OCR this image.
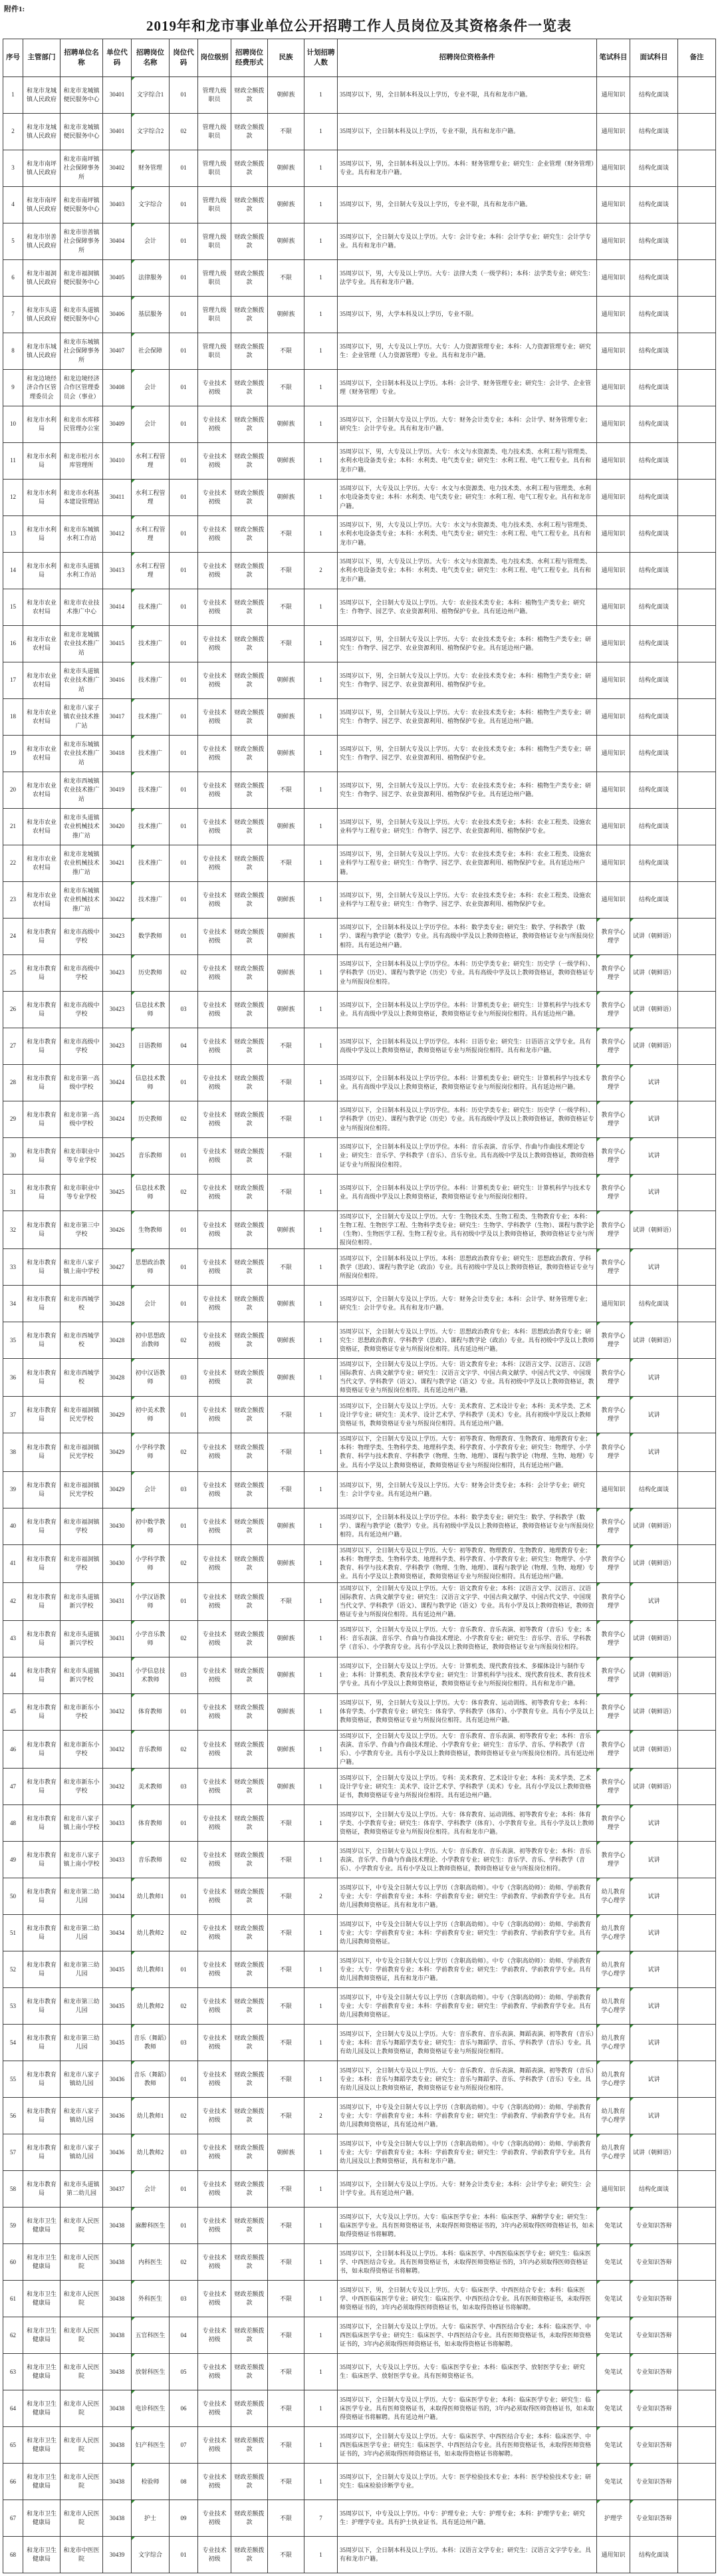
附件1:
2019年和龙市事业单位公开招聘工作人员岗位及其资格条件一览表
序号	主管部门	招聘单位名称	单位代码	招聘岗位名称	岗位代码	岗位级别	招聘岗位经费形式	民族	计划招聘人数	招聘岗位资格条件	笔试科目	面试科目	备注
1	和龙市龙城镇人民政府	和龙市龙城镇便民服务中心	30401	文字综合1	01	管理九级职员	财政全额拨款	朝鲜族	1	35周岁以下，男，全日制本科及以上学历，专业不限，具有和龙市户籍。	通用知识	结构化面谈	
2	和龙市龙城镇人民政府	和龙市龙城镇便民服务中心	30401	文字综合2	02	管理九级职员	财政全额拨款	不限	1	35周岁以下，全日制本科及以上学历，专业不限，具有和龙市户籍。	通用知识	结构化面谈	
3	和龙市南坪镇人民政府	和龙市南坪镇社会保障事务所	30402	财务管理	01	管理九级职员	财政全额拨款	朝鲜族	1	35周岁以下，男，全日制本科及以上学历。本科：财务管理专业；研究生：企业管理（财务管理）专业。具有和龙市户籍。	通用知识	结构化面谈	
4	和龙市南坪镇人民政府	和龙市南坪镇便民服务中心	30403	文字综合	01	管理九级职员	财政全额拨款	朝鲜族	1	35周岁以下，男，全日制大专及以上学历，专业不限，具有和龙市户籍。	通用知识	结构化面谈	
5	和龙市崇善镇人民政府	和龙市崇善镇社会保障事务所	30404	会计	01	管理九级职员	财政全额拨款	朝鲜族	1	35周岁以下，全日制大专及以上学历。大专：会计专业；本科：会计学专业；研究生：会计学专业。具有和龙市户籍。	通用知识	结构化面谈	
6	和龙市福洞镇人民政府	和龙市福洞镇便民服务中心	30405	法律服务	01	管理九级职员	财政全额拨款	不限	1	35周岁以下，男，大专及以上学历。大专：法律大类（一级学科）；本科：法学类专业；研究生：法学专业。具有和龙市户籍。	通用知识	结构化面谈	
7	和龙市头道镇人民政府	和龙市头道镇便民服务中心	30406	基层服务	01	管理九级职员	财政全额拨款	朝鲜族	1	35周岁以下，男，大学本科及以上学历，专业不限。	通用知识	结构化面谈	
8	和龙市东城镇人民政府	和龙市东城镇社会保障事务所	30407	社会保障	01	管理九级职员	财政全额拨款	不限	1	35周岁以下，男，大专及以上学历。大专：人力资源管理专业；本科：人力资源管理专业；研究生：企业管理（人力资源管理）专业。具有和龙市户籍。	通用知识	结构化面谈	
9	和龙边境经济合作区管理委员会	和龙边境经济合作区管理委员会（事业）	30408	会计	01	专业技术初级	财政全额拨款	不限	1	35周岁以下，全日制本科及以上学历。本科：会计学、财务管理专业；研究生：会计学、企业管理（财务管理）专业。	通用知识	结构化面谈	
10	和龙市水利局	和龙市水库移民管理办公室	30409	会计	01	专业技术初级	财政全额拨款	朝鲜族	1	35周岁以下，全日制大专及以上学历。大专：财务会计类专业；本科：会计学、财务管理专业；研究生：会计学专业。具有和龙市户籍。	通用知识	结构化面谈	
11	和龙市水利局	和龙市松月水库管理所	30410	水利工程管理	01	专业技术初级	财政全额拨款	朝鲜族	1	35周岁以下，男，大专及以上学历。大专：水文与水资源类、电力技术类、水利工程与管理类、水利水电设备类专业；本科：水利类、电气类专业；研究生：水利工程、电气工程专业。具有和龙市户籍。	通用知识	结构化面谈	
12	和龙市水利局	和龙市水利基本建设管理站	30411	水利工程管理	01	专业技术初级	财政全额拨款	朝鲜族	1	35周岁以下，大专及以上学历。大专：水文与水资源类、电力技术类、水利工程与管理类、水利水电设备类专业；本科：水利类、电气类专业；研究生：水利工程、电气工程专业。具有和龙市户籍。	通用知识	结构化面谈	
13	和龙市水利局	和龙市东城镇水利工作站	30412	水利工程管理	01	专业技术初级	财政全额拨款	不限	1	35周岁以下，男，大专及以上学历。大专：水文与水资源类、电力技术类、水利工程与管理类、水利水电设备类专业；本科：水利类、电气类专业；研究生：水利工程、电气工程专业。具有和龙市户籍。	通用知识	结构化面谈	
14	和龙市水利局	和龙市头道镇水利工作站	30413	水利工程管理	01	专业技术初级	财政全额拨款	不限	2	35周岁以下，男，大专及以上学历。大专：水文与水资源类、电力技术类、水利工程与管理类、水利水电设备类专业；本科：水利类、电气类专业；研究生：水利工程、电气工程专业。具有和龙市户籍。	通用知识	结构化面谈	
15	和龙市农业农村局	和龙市农业技术推广中心	30414	技术推广	01	专业技术初级	财政全额拨款	不限	1	35周岁以下，全日制大专及以上学历。大专：农业技术类专业；本科：植物生产类专业；研究生：作物学、园艺学、农业资源利用、植物保护专业。具有延边州户籍。	通用知识	结构化面谈	
16	和龙市农业农村局	和龙市龙城镇农业技术推广站	30415	技术推广	01	专业技术初级	财政全额拨款	不限	1	35周岁以下，男，全日制大专及以上学历。大专：农业技术类专业；本科：植物生产类专业；研究生：作物学、园艺学、农业资源利用、植物保护专业。具有延边州户籍。	通用知识	结构化面谈	
17	和龙市农业农村局	和龙市头道镇农业技术推广站	30416	技术推广	01	专业技术初级	财政全额拨款	朝鲜族	1	35周岁以下，男，全日制大专及以上学历。大专：农业技术类专业；本科：植物生产类专业；研究生：作物学、园艺学、农业资源利用、植物保护专业。	通用知识	结构化面谈	
18	和龙市农业农村局	和龙市八家子镇农业技术推广站	30417	技术推广	01	专业技术初级	财政全额拨款	朝鲜族	1	35周岁以下，男，全日制大专及以上学历。大专：农业技术类专业；本科：植物生产类专业；研究生：作物学、园艺学、农业资源利用、植物保护专业。具有延边州户籍。	通用知识	结构化面谈	
19	和龙市农业农村局	和龙市东城镇农业技术推广站	30418	技术推广	01	专业技术初级	财政全额拨款	朝鲜族	1	35周岁以下，男，全日制大专及以上学历。大专：农业技术类专业；本科：植物生产类专业；研究生：作物学、园艺学、农业资源利用、植物保护专业。	通用知识	结构化面谈	
20	和龙市农业农村局	和龙市西城镇农业技术推广站	30419	技术推广	01	专业技术初级	财政全额拨款	不限	1	35周岁以下，男，全日制大专及以上学历。大专：农业技术类专业；本科：植物生产类专业；研究生：作物学、园艺学、农业资源利用、植物保护专业。具有延边州户籍。	通用知识	结构化面谈	
21	和龙市农业农村局	和龙市头道镇农业机械技术推广站	30420	技术推广	01	专业技术初级	财政全额拨款	朝鲜族	1	35周岁以下，男，全日制大专及以上学历。大专：农业技术类专业；本科：农业工程类、设施农业科学与工程专业；研究生：作物学、园艺学、农业资源利用、植物保护专业。	通用知识	结构化面谈	
22	和龙市农业农村局	和龙市龙城镇农业机械技术推广站	30421	技术推广	01	专业技术初级	财政全额拨款	不限	1	35周岁以下，男，全日制大专及以上学历。大专：农业技术类专业；本科：农业工程类、设施农业科学与工程专业；研究生：作物学、园艺学、农业资源利用、植物保护专业。具有延边州户籍。	通用知识	结构化面谈	
23	和龙市农业农村局	和龙市东城镇农业机械技术推广站	30422	技术推广	01	专业技术初级	财政全额拨款	朝鲜族	1	35周岁以下，男，全日制大专及以上学历。大专：农业技术类专业；本科：农业工程类、设施农业科学与工程专业；研究生：作物学、园艺学、农业资源利用、植物保护专业。	通用知识	结构化面谈	
24	和龙市教育局	和龙市高级中学校	30423	数学教师	01	专业技术初级	财政全额拨款	朝鲜族	1	35周岁以下，全日制本科及以上学历学位。本科：数学类专业；研究生：数学、学科教学（数学）、课程与教学论（数学）专业。具有高级中学及以上教师资格证，教师资格证专业与所报岗位相符。具有延边州户籍。	教育学心理学	试讲（朝鲜语）	
25	和龙市教育局	和龙市高级中学校	30423	历史教师	02	专业技术初级	财政全额拨款	朝鲜族	1	35周岁以下，全日制本科及以上学历学位。本科：历史学类专业；研究生：历史学（一级学科）、学科教学（历史）、课程与教学论（历史）专业。具有高级中学及以上教师资格证，教师资格证专业与所报岗位相符。	教育学心理学	试讲（朝鲜语）	
26	和龙市教育局	和龙市高级中学校	30423	信息技术教师	03	专业技术初级	财政全额拨款	朝鲜族	1	35周岁以下，全日制本科及以上学历学位。本科：计算机类专业；研究生：计算机科学与技术专业。具有高级中学及以上教师资格证，教师资格证专业与所报岗位相符。具有延边州户籍。	教育学心理学	试讲（朝鲜语）	
27	和龙市教育局	和龙市高级中学校	30423	日语教师	04	专业技术初级	财政全额拨款	不限	1	35周岁以下，全日制本科及以上学历学位。本科：日语专业；研究生：日语语言文学专业。具有高级中学及以上教师资格证，教师资格证专业与所报岗位相符。具有和龙市户籍。	教育学心理学	试讲（朝鲜语）	
28	和龙市教育局	和龙市第一高级中学校	30424	信息技术教师	01	专业技术初级	财政全额拨款	不限	1	35周岁以下，全日制本科及以上学历学位。本科：计算机类专业；研究生：计算机科学与技术专业。具有高级中学及以上教师资格证，教师资格证专业与所报岗位相符。具有延边州户籍。	教育学心理学	试讲	
29	和龙市教育局	和龙市第一高级中学校	30424	历史教师	02	专业技术初级	财政全额拨款	不限	1	35周岁以下，全日制本科及以上学历学位。本科：历史学类专业；研究生：历史学（一级学科）、学科教学（历史）、课程与教学论（历史）专业。具有高级中学及以上教师资格证，教师资格证专业与所报岗位相符。	教育学心理学	试讲	
30	和龙市教育局	和龙市职业中等专业学校	30425	音乐教师	01	专业技术初级	财政全额拨款	不限	1	35周岁以下，全日制本科及以上学历学位。本科：音乐表演、音乐学、作曲与作曲技术理论专业；研究生：音乐学、学科教学（音乐）、音乐专业。具有高级中学及以上教师资格证，教师资格证专业与所报岗位相符。	教育学心理学	试讲	
31	和龙市教育局	和龙市职业中等专业学校	30425	信息技术教师	02	专业技术初级	财政全额拨款	不限	1	35周岁以下，全日制本科及以上学历学位。本科：计算机类专业；研究生：计算机科学与技术专业。具有高级中学及以上教师资格证，教师资格证专业与所报岗位相符。	教育学心理学	试讲	
32	和龙市教育局	和龙市第三中学校	30426	生物教师	01	专业技术初级	财政全额拨款	朝鲜族	1	35周岁以下，全日制大专及以上学历。大专：生物技术类、生物工程类、生物教育专业；本科：生物工程、生物医学工程、生物科学类专业；研究生：生物学、学科教学（生物）、课程与教学论（生物）、生物医学工程、生物工程专业。具有初级中学及以上教师资格证，教师资格证专业与所报岗位相符。	教育学心理学	试讲（朝鲜语）	
33	和龙市教育局	和龙市八家子镇上南中学校	30427	思想政治教师	01	专业技术初级	财政全额拨款	不限	1	35周岁以下，全日制本科及以上学历。本科：思想政治教育专业；研究生：思想政治教育、学科教学（思政）、课程与教学论（政治）专业。具有初级中学及以上教师资格证，教师资格证专业与所报岗位相符。	教育学心理学	试讲	
34	和龙市教育局	和龙市西城学校	30428	会计	01	专业技术初级	财政全额拨款	朝鲜族	1	35周岁以下，全日制大专及以上学历。大专：财务会计类专业；本科：会计学、财务管理专业；研究生：会计学专业。具有和龙市户籍。	通用知识	结构化面谈	
35	和龙市教育局	和龙市西城学校	30428	初中思想政治教师	02	专业技术初级	财政全额拨款	朝鲜族	1	35周岁以下，全日制大专及以上学历。大专：思想政治教育专业；本科：思想政治教育专业；研究生：思想政治教育、学科教学（思政）、课程与教学论（政治）专业。具有初级中学及以上教师资格证，教师资格证专业与所报岗位相符。具有延边州户籍。	教育学心理学	试讲（朝鲜语）	
36	和龙市教育局	和龙市西城学校	30428	初中汉语教师	03	专业技术初级	财政全额拨款	朝鲜族	1	35周岁以下，全日制大专及以上学历。大专：语文教育专业；本科：汉语言文学、汉语言、汉语国际教育、古典文献学专业；研究生：汉语言文字学、中国古典文献学、中国古代文学、中国现当代文学、学科教学（语文）、课程与教学论（语文）专业。具有初级中学及以上教师资格证，教师资格证专业与所报岗位相符。具有延边州户籍。	教育学心理学	试讲	
37	和龙市教育局	和龙市福洞镇民光学校	30429	初中美术教师	01	专业技术初级	财政全额拨款	不限	1	35周岁以下，全日制大专及以上学历。大专：美术教育、艺术设计专业；本科：美术学类、艺术设计学专业；研究生：美术学、设计艺术学、学科教学（美术）专业。具有初级中学及以上教师资格证书，教师资格证专业与所报岗位相符。具有延边州户籍。	教育学心理学	试讲	
38	和龙市教育局	和龙市福洞镇民光学校	30429	小学科学教师	02	专业技术初级	财政全额拨款	不限	1	35周岁以下，全日制大专及以上学历。大专：初等教育、物理教育、生物教育、地理教育专业；本科：物理学类、生物科学类、地理科学类、科学教育、小学教育专业；研究生：物理学、小学教育、科学与技术教育、学科教学（物理、生物、地理）、课程与教学论（物理、生物、地理）专业。具有小学及以上教师资格证，教师资格证专业与所报岗位相符，具有延边州户籍。	教育学心理学	试讲	
39	和龙市教育局	和龙市福洞镇民光学校	30429	会计	03	专业技术初级	财政全额拨款	不限	1	35周岁以下，男，全日制大专及以上学历。大专：财务会计类专业；本科：会计学专业；研究生：会计学专业。具有延边州户籍。	通用知识	结构化面谈	
40	和龙市教育局	和龙市福洞镇学校	30430	初中数学教师	01	专业技术初级	财政全额拨款	朝鲜族	1	35周岁以下，全日制本科及以上学历学位。本科：数学类专业；研究生：数学、学科教学（数学）、课程与教学论（数学）专业。具有初级中学及以上教师资格证，教师资格证专业与所报岗位相符。具有延边州户籍。	教育学心理学	试讲（朝鲜语）	
41	和龙市教育局	和龙市福洞镇学校	30430	小学科学教师	02	专业技术初级	财政全额拨款	朝鲜族	1	35周岁以下，全日制大专及以上学历。大专：初等教育、物理教育、生物教育、地理教育专业；本科：物理学类、生物科学类、地理科学类、科学教育、小学教育专业；研究生：物理学、小学教育、科学与技术教育、学科教学（物理、生物、地理）、课程与教学论（物理、生物、地理）专业。具有小学及以上教师资格证，教师资格证专业与所报岗位相符。具有延边州户籍。	教育学心理学	试讲（朝鲜语）	
42	和龙市教育局	和龙市头道镇新兴学校	30431	小学汉语教师	01	专业技术初级	财政全额拨款	不限	1	35周岁以下，全日制大专及以上学历。大专：语文教育专业；本科：汉语言文学、汉语言、汉语国际教育、古典文献学专业；研究生：汉语言文字学、中国古典文献学、中国古代文学、中国现当代文学、学科教学（语文）、课程与教学论（语文）专业。具有小学及以上教师资格证，教师资格证专业与所报岗位相符。具有延边州户籍。	教育学心理学	试讲	
43	和龙市教育局	和龙市头道镇新兴学校	30431	小学音乐教师	02	专业技术初级	财政全额拨款	朝鲜族	1	35周岁以下，全日制大专及以上学历。大专：音乐教育、音乐表演、初等教育（音乐）专业；本科：音乐表演、音乐学、作曲与作曲技术理论、小学教育专业；研究生：音乐学、音乐、学科教学（音乐）、小学教育专业。具有小学及以上教师资格证，教师资格证专业与所报岗位相符。	教育学心理学	试讲（朝鲜语）	
44	和龙市教育局	和龙市头道镇新兴学校	30431	小学信息技术教师	03	专业技术初级	财政全额拨款	朝鲜族	1	35周岁以下，全日制大专及以上学历。大专：计算机类、现代教育技术、多媒体设计与制作专业；本科：计算机类、教育技术学专业；研究生：计算机科学与技术、现代教育技术、教育技术学专业。具有小学及以上教师资格证，教师资格证专业与所报岗位相符。具有和龙市户籍。	教育学心理学	试讲（朝鲜语）	
45	和龙市教育局	和龙市新东小学校	30432	体育教师	01	专业技术初级	财政全额拨款	朝鲜族	1	35周岁以下，男，全日制大专及以上学历。大专：体育教育、运动训练、初等教育专业；本科：体育学类、小学教育专业；研究生：体育学、学科教学（体育）、小学教育专业。具有小学及以上教师资格证，教师资格证专业与所报岗位相符。具有延边州户籍。	教育学心理学	试讲（朝鲜语）	
46	和龙市教育局	和龙市新东小学校	30432	音乐教师	02	专业技术初级	财政全额拨款	朝鲜族	1	35周岁以下，全日制大专及以上学历。大专：音乐教育、音乐表演、初等教育专业；本科：音乐表演、音乐学、作曲与作曲技术理论、小学教育专业；研究生：音乐学、音乐、学科教学（音乐）、小学教育专业。具有小学及以上教师资格证，教师资格证专业与所报岗位相符。具有延边州户籍。	教育学心理学	试讲（朝鲜语）	
47	和龙市教育局	和龙市新东小学校	30432	美术教师	03	专业技术初级	财政全额拨款	朝鲜族	1	35周岁以下，全日制大专及以上学历。专科：美术教育、艺术设计专业；本科：美术学类、艺术设计学专业；研究生：美术学、设计艺术学、学科教学（美术）专业。具有小学及以上教师资格证书，教师资格证专业与所报岗位相符。具有延边州户籍。	教育学心理学	试讲（朝鲜语）	
48	和龙市教育局	和龙市八家子镇上南小学校	30433	体育教师	01	专业技术初级	财政全额拨款	不限	1	35周岁以下，全日制大专及以上学历。大专：体育教育、运动训练、初等教育专业；本科：体育学类、小学教育专业；研究生：体育学、学科教学（体育）、小学教育专业。具有小学及以上教师资格证，教师资格证专业与所报岗位相符。具有和龙市户籍。	教育学心理学	试讲	
49	和龙市教育局	和龙市八家子镇上南小学校	30433	音乐教师	02	专业技术初级	财政全额拨款	不限	1	35周岁以下，全日制大专及以上学历。大专：音乐教育、音乐表演、初等教育专业；本科：音乐表演、音乐学、作曲与作曲技术理论、小学教育专业；研究生：音乐学、音乐、学科教学（音乐）、小学教育专业。具有小学及以上教师资格证，教师资格证专业与所报岗位相符。	教育学心理学	试讲	
50	和龙市教育局	和龙市第二幼儿园	30434	幼儿教师1	01	专业技术初级	财政全额拨款	不限	2	35周岁以下，中专及全日制大专以上学历（含职高幼师）。中专（含职高幼师）：幼师、学前教育专业；大专：学前教育专业；本科：学前教育专业；研究生：学前教育、学前教育学专业。具有幼儿园教师资格证。具有和龙市户籍。	幼儿教育学心理学	试讲	
51	和龙市教育局	和龙市第二幼儿园	30434	幼儿教师2	02	专业技术初级	财政全额拨款	不限	1	35周岁以下，中专及全日制大专以上学历（含职高幼师）。中专（含职高幼师）：幼师、学前教育专业；大专：学前教育专业；本科：学前教育专业；研究生：学前教育、学前教育学专业。具有幼儿园教师资格证。	幼儿教育学心理学	试讲	
52	和龙市教育局	和龙市第三幼儿园	30435	幼儿教师1	01	专业技术初级	财政全额拨款	不限	1	35周岁以下，中专及全日制大专以上学历（含职高幼师）。中专（含职高幼师）：幼师、学前教育专业；大专：学前教育专业；本科：学前教育专业；研究生：学前教育、学前教育学专业。具有幼儿园教师资格证，具有和龙市户籍。	幼儿教育学心理学	试讲	
53	和龙市教育局	和龙市第三幼儿园	30435	幼儿教师2	02	专业技术初级	财政全额拨款	不限	1	35周岁以下，中专及全日制大专以上学历（含职高幼师）。中专（含职高幼师）：幼师、学前教育专业；大专：学前教育专业；本科：学前教育专业；研究生：学前教育、学前教育学专业。具有幼儿园教师资格证。	幼儿教育学心理学	试讲	
54	和龙市教育局	和龙市第三幼儿园	30435	音乐（舞蹈）教师	03	专业技术初级	财政全额拨款	不限	1	35周岁以下，全日制大专及以上学历。大专：音乐教育、音乐表演、舞蹈表演、初等教育（音乐）专业；本科：音乐与舞蹈学类专业；研究生：音乐与舞蹈学、音乐、学科教学（音乐）专业。具有幼儿园及以上教师资格证，教师资格证专业与所报岗位相符。	幼儿教育学心理学	试讲	
55	和龙市教育局	和龙市八家子镇幼儿园	30436	音乐（舞蹈）教师	01	专业技术初级	财政全额拨款	不限	1	35周岁以下，全日制大专及以上学历。大专：音乐教育、音乐表演、舞蹈表演、初等教育（音乐）专业；本科：音乐与舞蹈学类专业；研究生：音乐与舞蹈学、音乐、学科教学（音乐）专业。具有幼儿园及以上教师资格证，教师资格证专业与所报岗位相符。	幼儿教育学心理学	试讲	
56	和龙市教育局	和龙市八家子镇幼儿园	30436	幼儿教师1	02	专业技术初级	财政全额拨款	不限	2	35周岁以下，中专及全日制大专以上学历（含职高幼师）。中专（含职高幼师）：幼师、学前教育专业；大专：学前教育专业；本科：学前教育专业；研究生：学前教育、学前教育学专业。具有幼儿园教师资格证，具有延边州户籍。	幼儿教育学心理学	试讲	
57	和龙市教育局	和龙市八家子镇幼儿园	30436	幼儿教师2	03	专业技术初级	财政全额拨款	朝鲜族	1	35周岁以下，中专及全日制大专以上学历（含职高幼师）。中专（含职高幼师）：幼师、学前教育专业；大专：学前教育专业；本科：学前教育专业；研究生：学前教育、学前教育学专业。具有幼儿园及以上教师资格证，具有和龙市户籍。	幼儿教育学心理学	试讲（朝鲜语）	
58	和龙市教育局	和龙市头道镇第二幼儿园	30437	会计	01	专业技术初级	财政全额拨款	不限	1	35周岁以下，全日制大专及以上学历。大专：财务会计类专业；本科：会计学专业；研究生：会计学专业。具有延边州户籍。	通用知识	结构化面谈	
59	和龙市卫生健康局	和龙市人民医院	30438	麻醉科医生	01	专业技术初级	财政差额拨款	不限	1	35周岁以下，大专及以上学历。大专：临床医学专业；本科：临床医学、麻醉学专业；研究生：临床医学专业。具有医师资格证书，未取得医师资格证书的，3年内必须取得医师资格证书，如未取得资格证书将解聘。	免笔试	专业知识答辩	
60	和龙市卫生健康局	和龙市人民医院	30438	内科医生	02	专业技术初级	财政差额拨款	不限	1	35周岁以下，全日制本科及以上学历。本科：临床医学、中西医临床医学专业；研究生：临床医学、中西医结合专业。具有医师资格证书，未取得医师资格证书的，3年内必须取得医师资格证书，如未取得资格证书将解聘。	免笔试	专业知识答辩	
61	和龙市卫生健康局	和龙市人民医院	30438	外科医生	03	专业技术初级	财政差额拨款	不限	1	35周岁以下，男，全日制大专及以上学历。大专：临床医学、中西医结合专业；本科：临床医学、中西医临床医学专业；研究生：临床医学、中西医结合专业。具有医师资格证书，未取得医师资格证书的，3年内必须取得医师资格证书，如未取得资格证书将解聘。	免笔试	专业知识答辩	
62	和龙市卫生健康局	和龙市人民医院	30438	五官科医生	04	专业技术初级	财政差额拨款	不限	1	35周岁以下，全日制大专及以上学历。大专：临床医学、中西医结合专业；本科：临床医学、中西医临床医学专业；研究生：临床医学、中西医结合专业。具有医师资格证书，未取得医师资格证书的，3年内必须取得医师资格证书，如未取得资格证书将解聘。	免笔试	专业知识答辩	
63	和龙市卫生健康局	和龙市人民医院	30438	放射科医生	05	专业技术初级	财政差额拨款	不限	1	35周岁以下，大专及以上学历。大专：临床医学专业；本科：临床医学、放射医学专业；研究生：临床医学、放射医学专业。具有医师资格证书。	免笔试	专业知识答辩	
64	和龙市卫生健康局	和龙市人民医院	30438	电诊科医生	06	专业技术初级	财政差额拨款	不限	1	35周岁以下，全日制大专及以上学历。大专：临床医学专业；本科：临床医学专业；研究生：临床医学专业。具有医师资格证书，未取得医师资格证书的，3年内必须取得医师资格证书，如未取得资格证书将解聘。具有延边州户籍。	免笔试	专业知识答辩	
65	和龙市卫生健康局	和龙市人民医院	30438	妇产科医生	07	专业技术初级	财政差额拨款	不限	1	35周岁以下，全日制大专及以上学历。大专：临床医学、中西医结合专业；本科：临床医学、中西医临床医学专业；研究生：临床医学、中西医结合专业。具有医师资格证书，未取得医师资格证书的，3年内必须取得医师资格证书，如未取得资格证书将解聘。	免笔试	专业知识答辩	
66	和龙市卫生健康局	和龙市人民医院	30438	检验师	08	专业技术初级	财政差额拨款	不限	1	35周岁以下，全日制大专及以上学历。大专：医学检验技术专业；本科：医学检验技术专业；研究生：临床检验诊断学专业。	免笔试	专业知识答辩	
67	和龙市卫生健康局	和龙市人民医院	30438	护士	09	专业技术初级	财政差额拨款	不限	7	35周岁以下，中专及以上学历。中专：护理专业；大专：护理专业；本科：护理学专业；研究生：护理学专业。具有护士执业证书。具有延边州户籍。	护理学	专业知识答辩	
68	和龙市卫生健康局	和龙市中医医院	30439	文字综合	01	专业技术初级	财政差额拨款	不限	1	35周岁以下，全日制本科及以上学历。本科：汉语言文学专业；研究生：汉语言文字学专业。具有和龙市户籍。	通用知识	结构化面谈	
